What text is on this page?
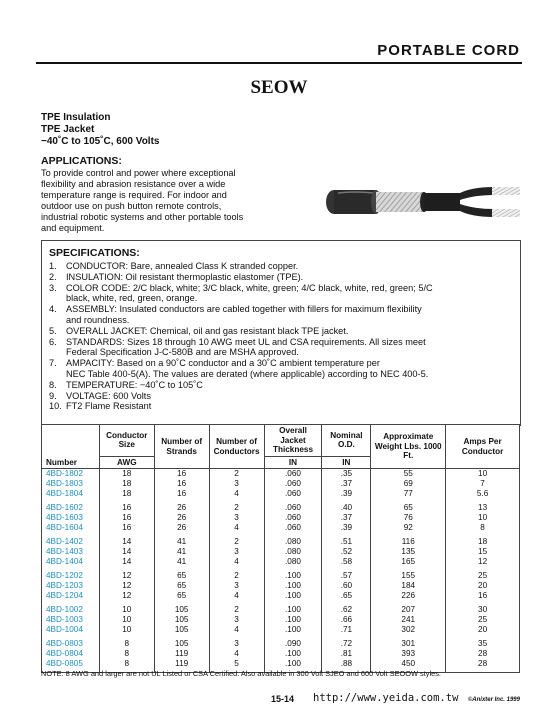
PORTABLE CORD
SEOW
TPE Insulation
TPE Jacket
−40˚C to 105˚C, 600 Volts
APPLICATIONS:
To provide control and power where exceptional
flexibility and abrasion resistance over a wide
temperature range is required. For indoor and
outdoor use on push button remote controls,
industrial robotic systems and other portable tools
and equipment.
SPECIFICATIONS:
1.	CONDUCTOR: Bare, annealed Class K stranded copper.
2.	INSULATION: Oil resistant thermoplastic elastomer (TPE).
3.	COLOR CODE: 2/C black, white; 3/C black, white, green; 4/C black, white, red, green; 5/C
black, white, red, green, orange.
4.	ASSEMBLY: Insulated conductors are cabled together with fillers for maximum flexibility
and roundness.
5.	OVERALL JACKET: Chemical, oil and gas resistant black TPE jacket.
6.	STANDARDS: Sizes 18 through 10 AWG meet UL and CSA requirements. All sizes meet
Federal Specification J-C-580B and are MSHA approved.
7.	AMPACITY: Based on a 90˚C conductor and a 30˚C ambient temperature per
NEC Table 400-5(A). The values are derated (where applicable) according to NEC 400-5.
8.	TEMPERATURE: −40˚C to 105˚C
9.	VOLTAGE: 600 Volts
10. FT2 Flame Resistant
Number	Conductor Size	Number of Strands	Number of Conductors	Overall Jacket Thickness	Nominal O.D.	Approximate Weight Lbs. 1000 Ft.	Amps Per Conductor
	AWG			IN	IN		
4BD-1802	18	16	2	.060	.35	55	10
4BD-1803	18	16	3	.060	.37	69	7
4BD-1804	18	16	4	.060	.39	77	5.6
4BD-1602	16	26	2	.060	.40	65	13
4BD-1603	16	26	3	.060	.37	76	10
4BD-1604	16	26	4	.060	.39	92	8
4BD-1402	14	41	2	.080	.51	116	18
4BD-1403	14	41	3	.080	.52	135	15
4BD-1404	14	41	4	.080	.58	165	12
4BD-1202	12	65	2	.100	.57	155	25
4BD-1203	12	65	3	.100	.60	184	20
4BD-1204	12	65	4	.100	.65	226	16
4BD-1002	10	105	2	.100	.62	207	30
4BD-1003	10	105	3	.100	.66	241	25
4BD-1004	10	105	4	.100	.71	302	20
4BD-0803	8	105	3	.090	.72	301	35
4BD-0804	8	119	4	.100	.81	393	28
4BD-0805	8	119	5	.100	.88	450	28
NOTE: 8 AWG and larger are not UL Listed or CSA Certified. Also available in 300 Volt SJEO and 600 Volt SEOOW styles.
15-14 http://www.yeida.com.tw ©Anixter Inc. 1999
